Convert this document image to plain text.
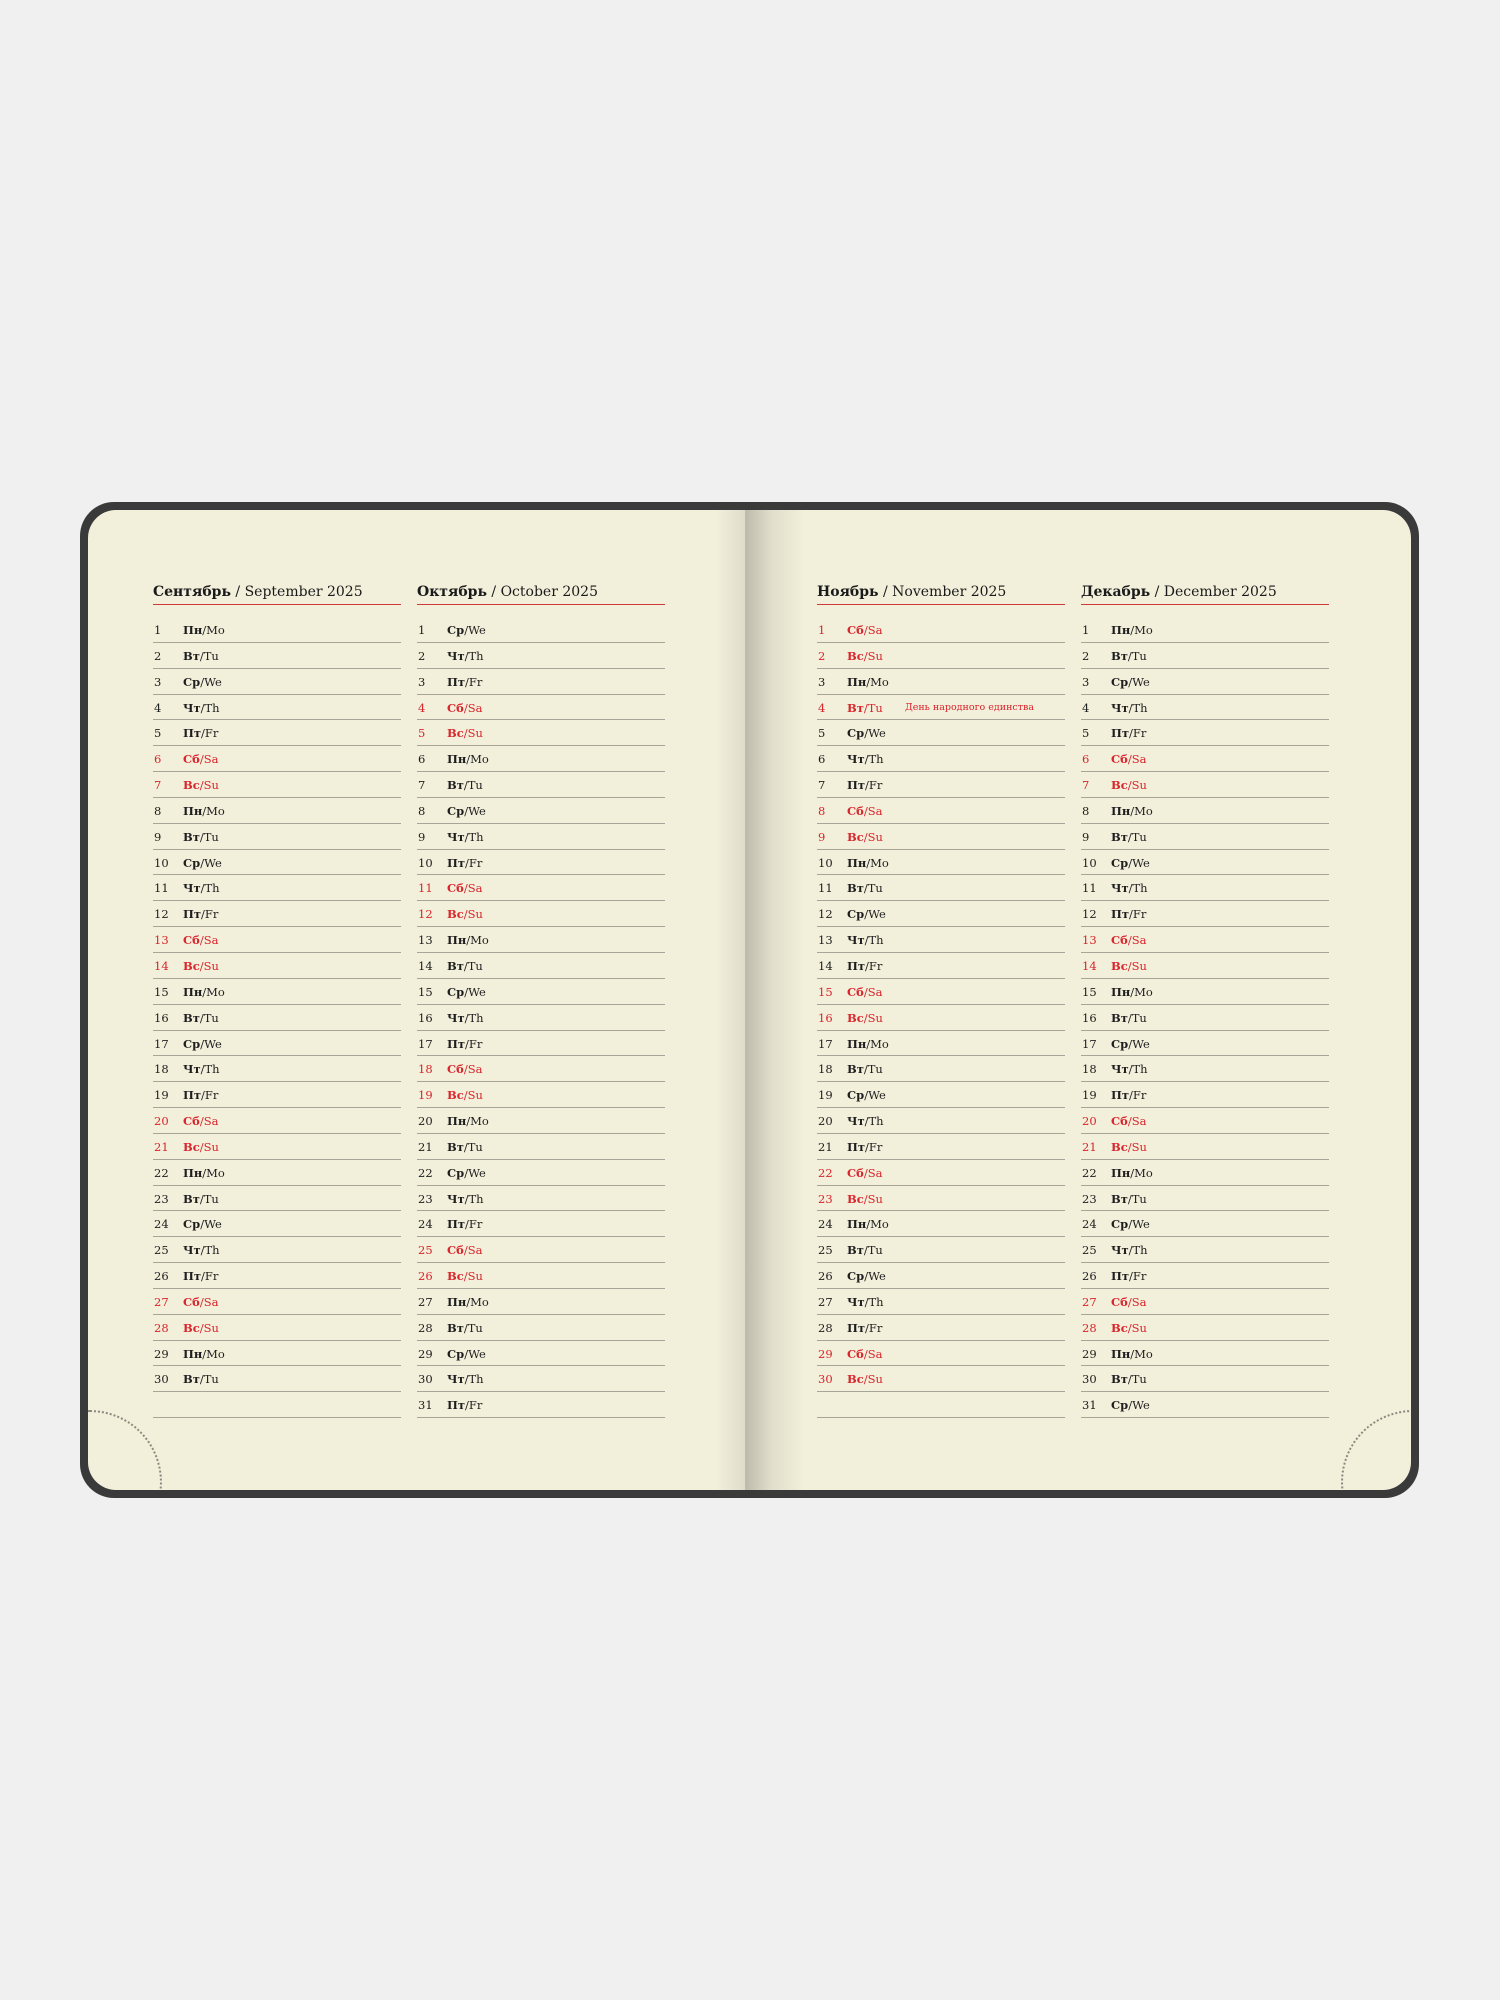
Сентябрь / September 2025
1 Пн/Mo
2 Вт/Tu
3 Ср/We
4 Чт/Th
5 Пт/Fr
6 Сб/Sa
7 Вс/Su
8 Пн/Mo
9 Вт/Tu
10 Ср/We
11 Чт/Th
12 Пт/Fr
13 Сб/Sa
14 Вс/Su
15 Пн/Mo
16 Вт/Tu
17 Ср/We
18 Чт/Th
19 Пт/Fr
20 Сб/Sa
21 Вс/Su
22 Пн/Mo
23 Вт/Tu
24 Ср/We
25 Чт/Th
26 Пт/Fr
27 Сб/Sa
28 Вс/Su
29 Пн/Mo
30 Вт/Tu
Октябрь / October 2025
1 Ср/We
2 Чт/Th
3 Пт/Fr
4 Сб/Sa
5 Вс/Su
6 Пн/Mo
7 Вт/Tu
8 Ср/We
9 Чт/Th
10 Пт/Fr
11 Сб/Sa
12 Вс/Su
13 Пн/Mo
14 Вт/Tu
15 Ср/We
16 Чт/Th
17 Пт/Fr
18 Сб/Sa
19 Вс/Su
20 Пн/Mo
21 Вт/Tu
22 Ср/We
23 Чт/Th
24 Пт/Fr
25 Сб/Sa
26 Вс/Su
27 Пн/Mo
28 Вт/Tu
29 Ср/We
30 Чт/Th
31 Пт/Fr
Ноябрь / November 2025
1 Сб/Sa
2 Вс/Su
3 Пн/Mo
4 Вт/Tu День народного единства
5 Ср/We
6 Чт/Th
7 Пт/Fr
8 Сб/Sa
9 Вс/Su
10 Пн/Mo
11 Вт/Tu
12 Ср/We
13 Чт/Th
14 Пт/Fr
15 Сб/Sa
16 Вс/Su
17 Пн/Mo
18 Вт/Tu
19 Ср/We
20 Чт/Th
21 Пт/Fr
22 Сб/Sa
23 Вс/Su
24 Пн/Mo
25 Вт/Tu
26 Ср/We
27 Чт/Th
28 Пт/Fr
29 Сб/Sa
30 Вс/Su
Декабрь / December 2025
1 Пн/Mo
2 Вт/Tu
3 Ср/We
4 Чт/Th
5 Пт/Fr
6 Сб/Sa
7 Вс/Su
8 Пн/Mo
9 Вт/Tu
10 Ср/We
11 Чт/Th
12 Пт/Fr
13 Сб/Sa
14 Вс/Su
15 Пн/Mo
16 Вт/Tu
17 Ср/We
18 Чт/Th
19 Пт/Fr
20 Сб/Sa
21 Вс/Su
22 Пн/Mo
23 Вт/Tu
24 Ср/We
25 Чт/Th
26 Пт/Fr
27 Сб/Sa
28 Вс/Su
29 Пн/Mo
30 Вт/Tu
31 Ср/We
